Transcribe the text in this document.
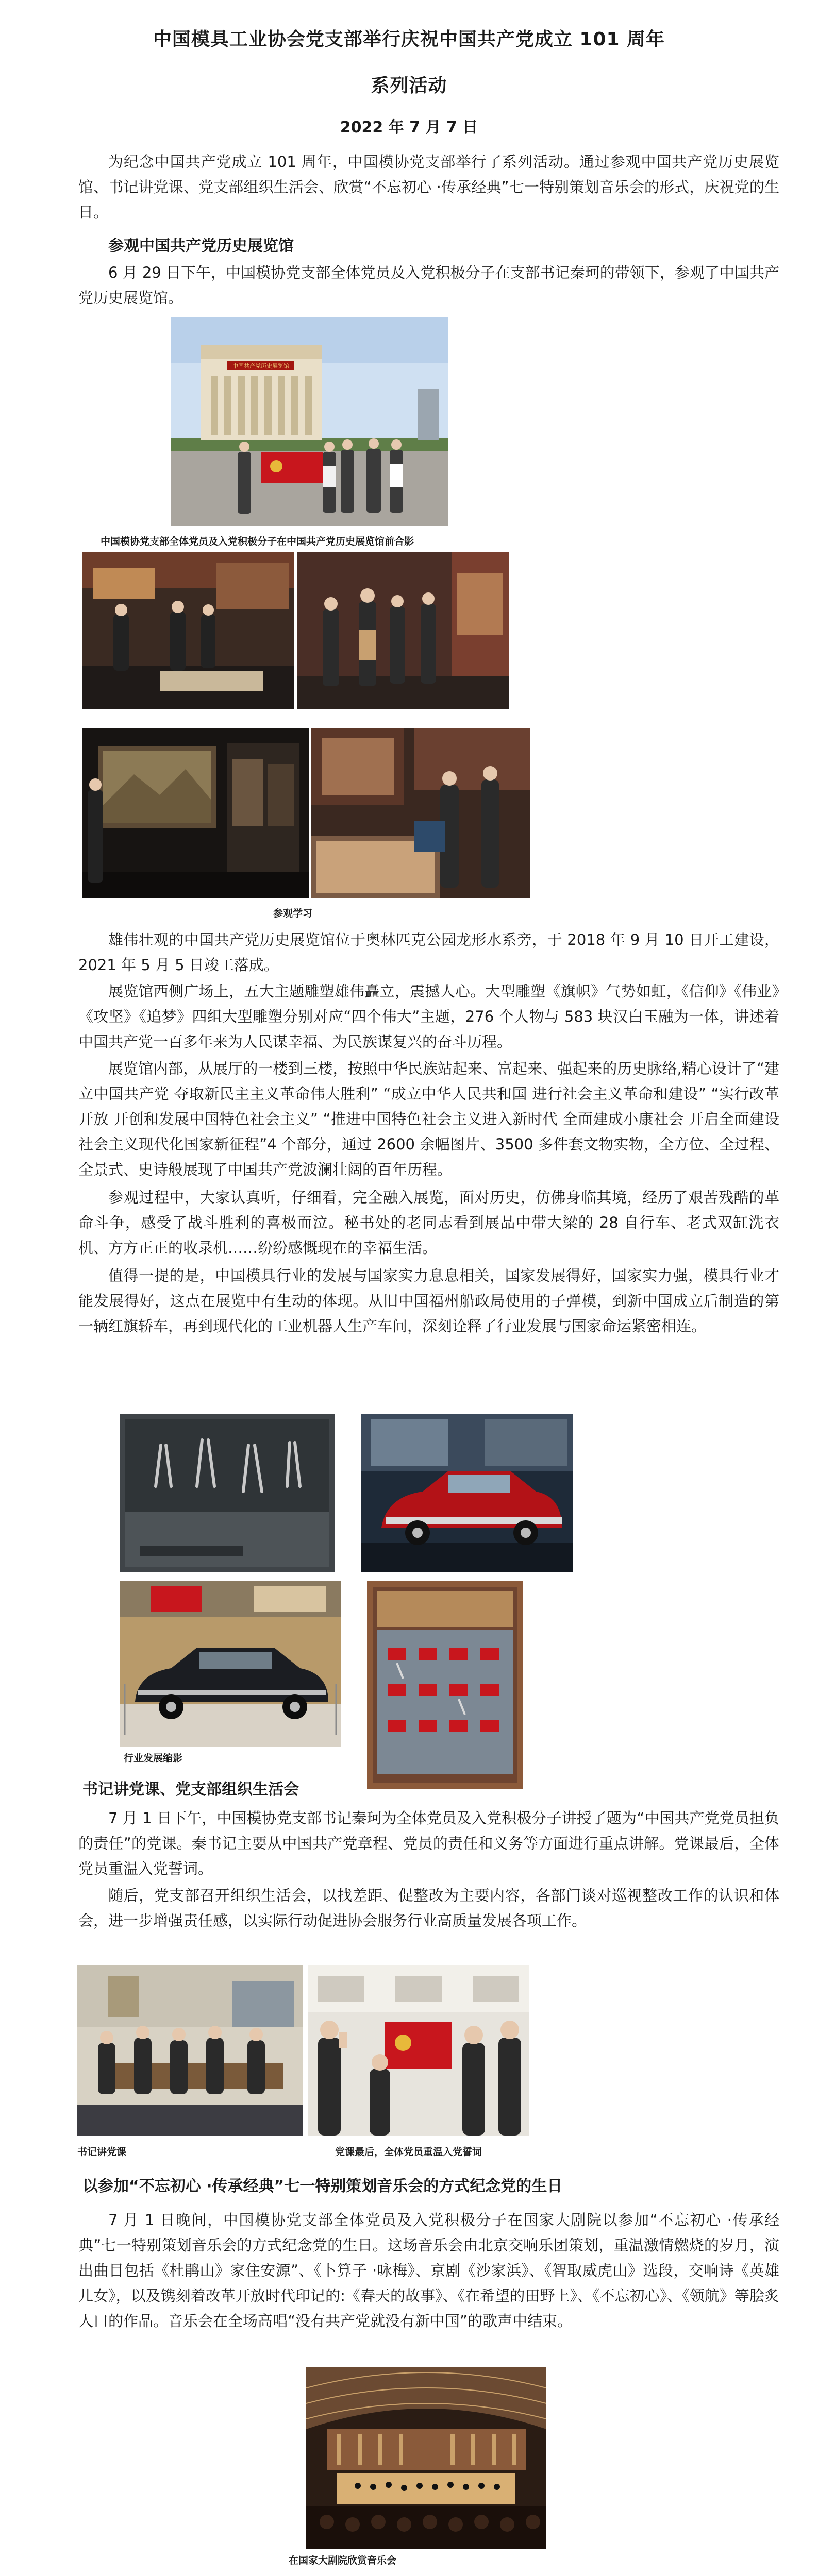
中国模具工业协会党支部举行庆祝中国共产党成立 101 周年
系列活动
2022 年 7 月 7 日

为纪念中国共产党成立 101 周年，中国模协党支部举行了系列活动。通过参观中国共产党历史展览馆、书记讲党课、党支部组织生活会、欣赏“不忘初心 ·传承经典”七一特别策划音乐会的形式，庆祝党的生日。

参观中国共产党历史展览馆

6 月 29 日下午，中国模协党支部全体党员及入党积极分子在支部书记秦珂的带领下，参观了中国共产党历史展览馆。

中国共产党历史展览馆
中国模协党支部全体党员及入党积极分子在中国共产党历史展览馆前合影
参观学习

雄伟壮观的中国共产党历史展览馆位于奥林匹克公园龙形水系旁，于 2018 年 9 月 10 日开工建设，2021 年 5 月 5 日竣工落成。

展览馆西侧广场上，五大主题雕塑雄伟矗立，震撼人心。大型雕塑《旗帜》气势如虹，《信仰》《伟业》《攻坚》《追梦》四组大型雕塑分别对应“四个伟大”主题，276 个人物与 583 块汉白玉融为一体，讲述着中国共产党一百多年来为人民谋幸福、为民族谋复兴的奋斗历程。

展览馆内部，从展厅的一楼到三楼，按照中华民族站起来、富起来、强起来的历史脉络,精心设计了“建立中国共产党 夺取新民主主义革命伟大胜利” “成立中华人民共和国 进行社会主义革命和建设” “实行改革开放 开创和发展中国特色社会主义” “推进中国特色社会主义进入新时代 全面建成小康社会 开启全面建设社会主义现代化国家新征程”4 个部分，通过 2600 余幅图片、3500 多件套文物实物，全方位、全过程、全景式、史诗般展现了中国共产党波澜壮阔的百年历程。

参观过程中，大家认真听，仔细看，完全融入展览，面对历史，仿佛身临其境，经历了艰苦残酷的革命斗争，感受了战斗胜利的喜极而泣。秘书处的老同志看到展品中带大梁的 28 自行车、老式双缸洗衣机、方方正正的收录机……纷纷感慨现在的幸福生活。

值得一提的是，中国模具行业的发展与国家实力息息相关，国家发展得好，国家实力强，模具行业才能发展得好，这点在展览中有生动的体现。从旧中国福州船政局使用的子弹模，到新中国成立后制造的第一辆红旗轿车，再到现代化的工业机器人生产车间，深刻诠释了行业发展与国家命运紧密相连。

行业发展缩影
书记讲党课、党支部组织生活会

7 月 1 日下午，中国模协党支部书记秦珂为全体党员及入党积极分子讲授了题为“中国共产党党员担负的责任”的党课。秦书记主要从中国共产党章程、党员的责任和义务等方面进行重点讲解。党课最后，全体党员重温入党誓词。

随后，党支部召开组织生活会，以找差距、促整改为主要内容，各部门谈对巡视整改工作的认识和体会，进一步增强责任感，以实际行动促进协会服务行业高质量发展各项工作。

书记讲党课	党课最后，全体党员重温入党誓词
以参加“不忘初心 ·传承经典”七一特别策划音乐会的方式纪念党的生日

7 月 1 日晚间，中国模协党支部全体党员及入党积极分子在国家大剧院以参加“不忘初心 ·传承经典”七一特别策划音乐会的方式纪念党的生日。这场音乐会由北京交响乐团策划，重温激情燃烧的岁月，演出曲目包括《杜鹃山》家住安源”、《卜算子 ·咏梅》、京剧《沙家浜》、《智取威虎山》选段，交响诗《英雄儿女》，以及镌刻着改革开放时代印记的:《春天的故事》、《在希望的田野上》、《不忘初心》、《领航》等脍炙人口的作品。音乐会在全场高唱“没有共产党就没有新中国”的歌声中结束。

在国家大剧院欣赏音乐会
